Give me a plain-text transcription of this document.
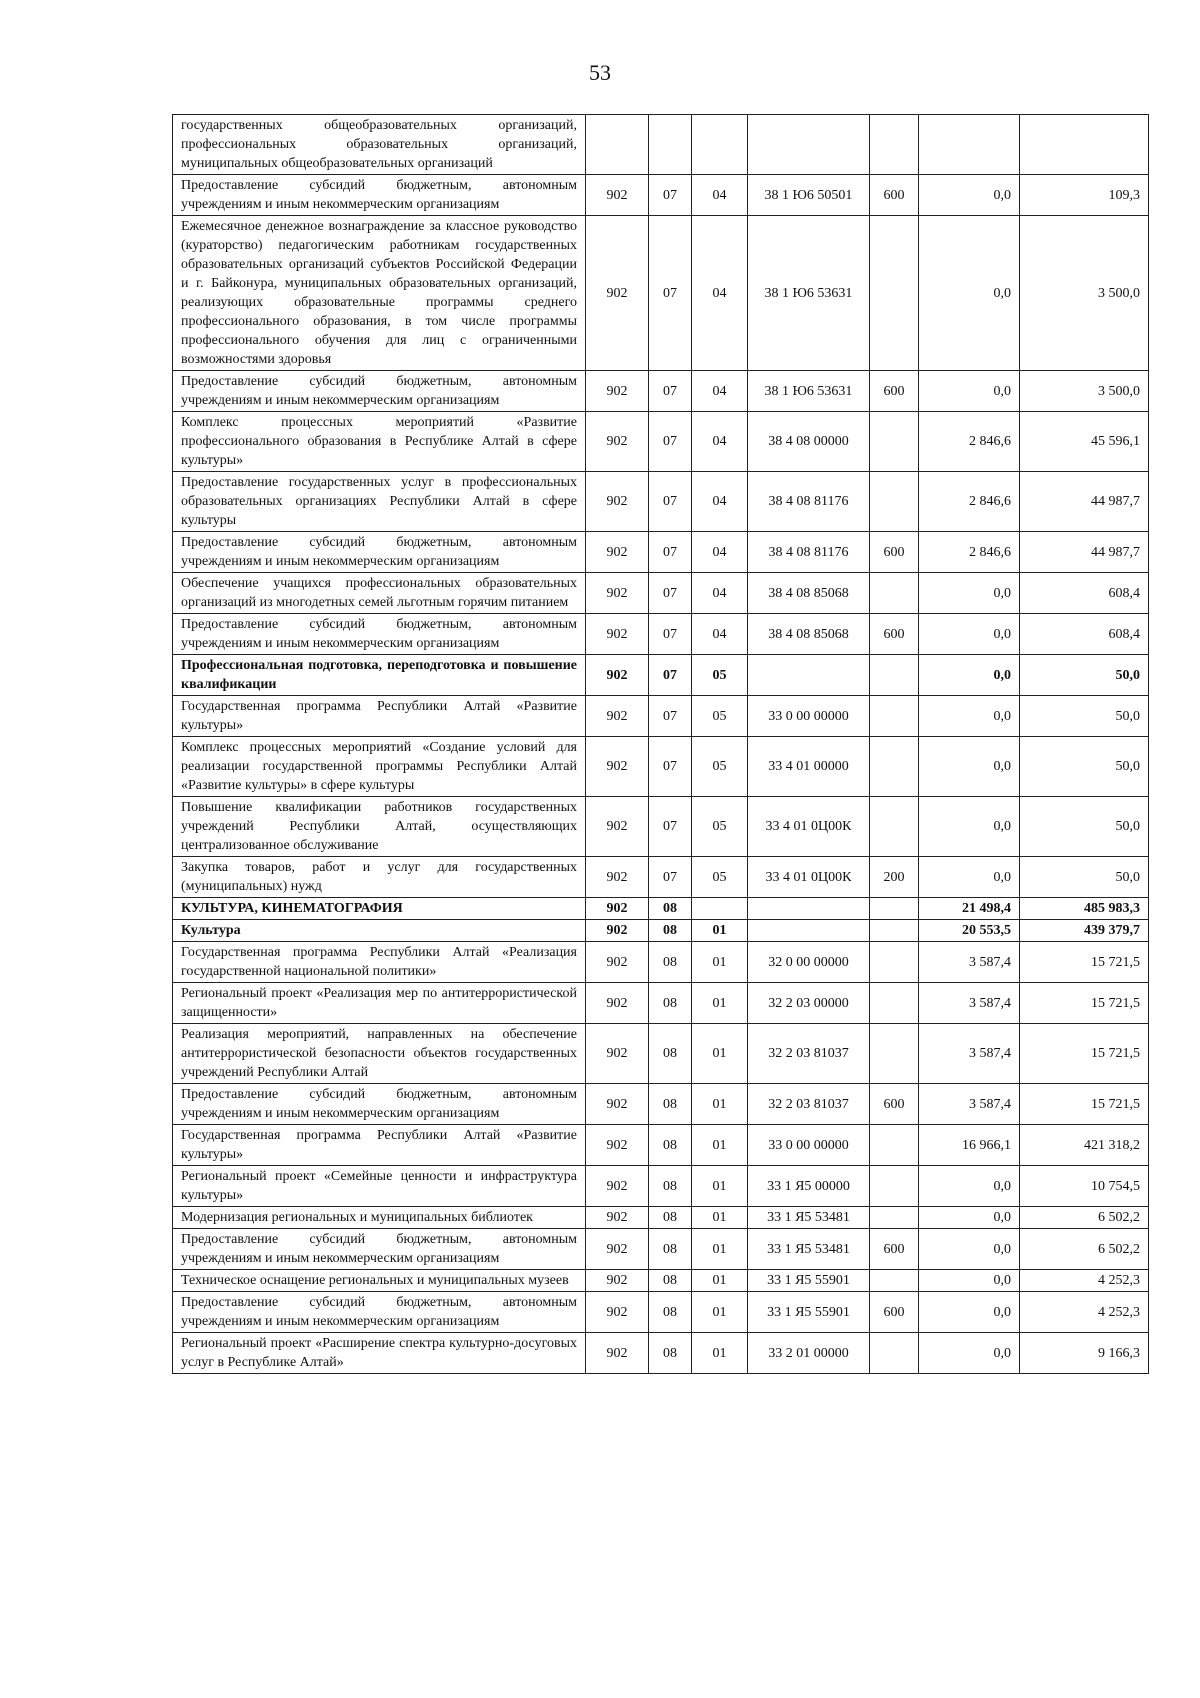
53
государственных общеобразовательных организаций, профессиональных образовательных организаций, муниципальных общеобразовательных организаций							
Предоставление субсидий бюджетным, автономным учреждениям и иным некоммерческим организациям	902	07	04	38 1 Ю6 50501	600	0,0	109,3
Ежемесячное денежное вознаграждение за классное руководство (кураторство) педагогическим работникам государственных образовательных организаций субъектов Российской Федерации и г. Байконура, муниципальных образовательных организаций, реализующих образовательные программы среднего профессионального образования, в том числе программы профессионального обучения для лиц с ограниченными возможностями здоровья	902	07	04	38 1 Ю6 53631		0,0	3 500,0
Предоставление субсидий бюджетным, автономным учреждениям и иным некоммерческим организациям	902	07	04	38 1 Ю6 53631	600	0,0	3 500,0
Комплекс процессных мероприятий «Развитие профессионального образования в Республике Алтай в сфере культуры»	902	07	04	38 4 08 00000		2 846,6	45 596,1
Предоставление государственных услуг в профессиональных образовательных организациях Республики Алтай в сфере культуры	902	07	04	38 4 08 81176		2 846,6	44 987,7
Предоставление субсидий бюджетным, автономным учреждениям и иным некоммерческим организациям	902	07	04	38 4 08 81176	600	2 846,6	44 987,7
Обеспечение учащихся профессиональных образовательных организаций из многодетных семей льготным горячим питанием	902	07	04	38 4 08 85068		0,0	608,4
Предоставление субсидий бюджетным, автономным учреждениям и иным некоммерческим организациям	902	07	04	38 4 08 85068	600	0,0	608,4
Профессиональная подготовка, переподготовка и повышение квалификации	902	07	05			0,0	50,0
Государственная программа Республики Алтай «Развитие культуры»	902	07	05	33 0 00 00000		0,0	50,0
Комплекс процессных мероприятий «Создание условий для реализации государственной программы Республики Алтай «Развитие культуры» в сфере культуры	902	07	05	33 4 01 00000		0,0	50,0
Повышение квалификации работников государственных учреждений Республики Алтай, осуществляющих централизованное обслуживание	902	07	05	33 4 01 0Ц00К		0,0	50,0
Закупка товаров, работ и услуг для государственных (муниципальных) нужд	902	07	05	33 4 01 0Ц00К	200	0,0	50,0
КУЛЬТУРА, КИНЕМАТОГРАФИЯ	902	08				21 498,4	485 983,3
Культура	902	08	01			20 553,5	439 379,7
Государственная программа Республики Алтай «Реализация государственной национальной политики»	902	08	01	32 0 00 00000		3 587,4	15 721,5
Региональный проект «Реализация мер по антитеррористической защищенности»	902	08	01	32 2 03 00000		3 587,4	15 721,5
Реализация мероприятий, направленных на обеспечение антитеррористической безопасности объектов государственных учреждений Республики Алтай	902	08	01	32 2 03 81037		3 587,4	15 721,5
Предоставление субсидий бюджетным, автономным учреждениям и иным некоммерческим организациям	902	08	01	32 2 03 81037	600	3 587,4	15 721,5
Государственная программа Республики Алтай «Развитие культуры»	902	08	01	33 0 00 00000		16 966,1	421 318,2
Региональный проект «Семейные ценности и инфраструктура культуры»	902	08	01	33 1 Я5 00000		0,0	10 754,5
Модернизация региональных и муниципальных библиотек	902	08	01	33 1 Я5 53481		0,0	6 502,2
Предоставление субсидий бюджетным, автономным учреждениям и иным некоммерческим организациям	902	08	01	33 1 Я5 53481	600	0,0	6 502,2
Техническое оснащение региональных и муниципальных музеев	902	08	01	33 1 Я5 55901		0,0	4 252,3
Предоставление субсидий бюджетным, автономным учреждениям и иным некоммерческим организациям	902	08	01	33 1 Я5 55901	600	0,0	4 252,3
Региональный проект «Расширение спектра культурно-досуговых услуг в Республике Алтай»	902	08	01	33 2 01 00000		0,0	9 166,3
